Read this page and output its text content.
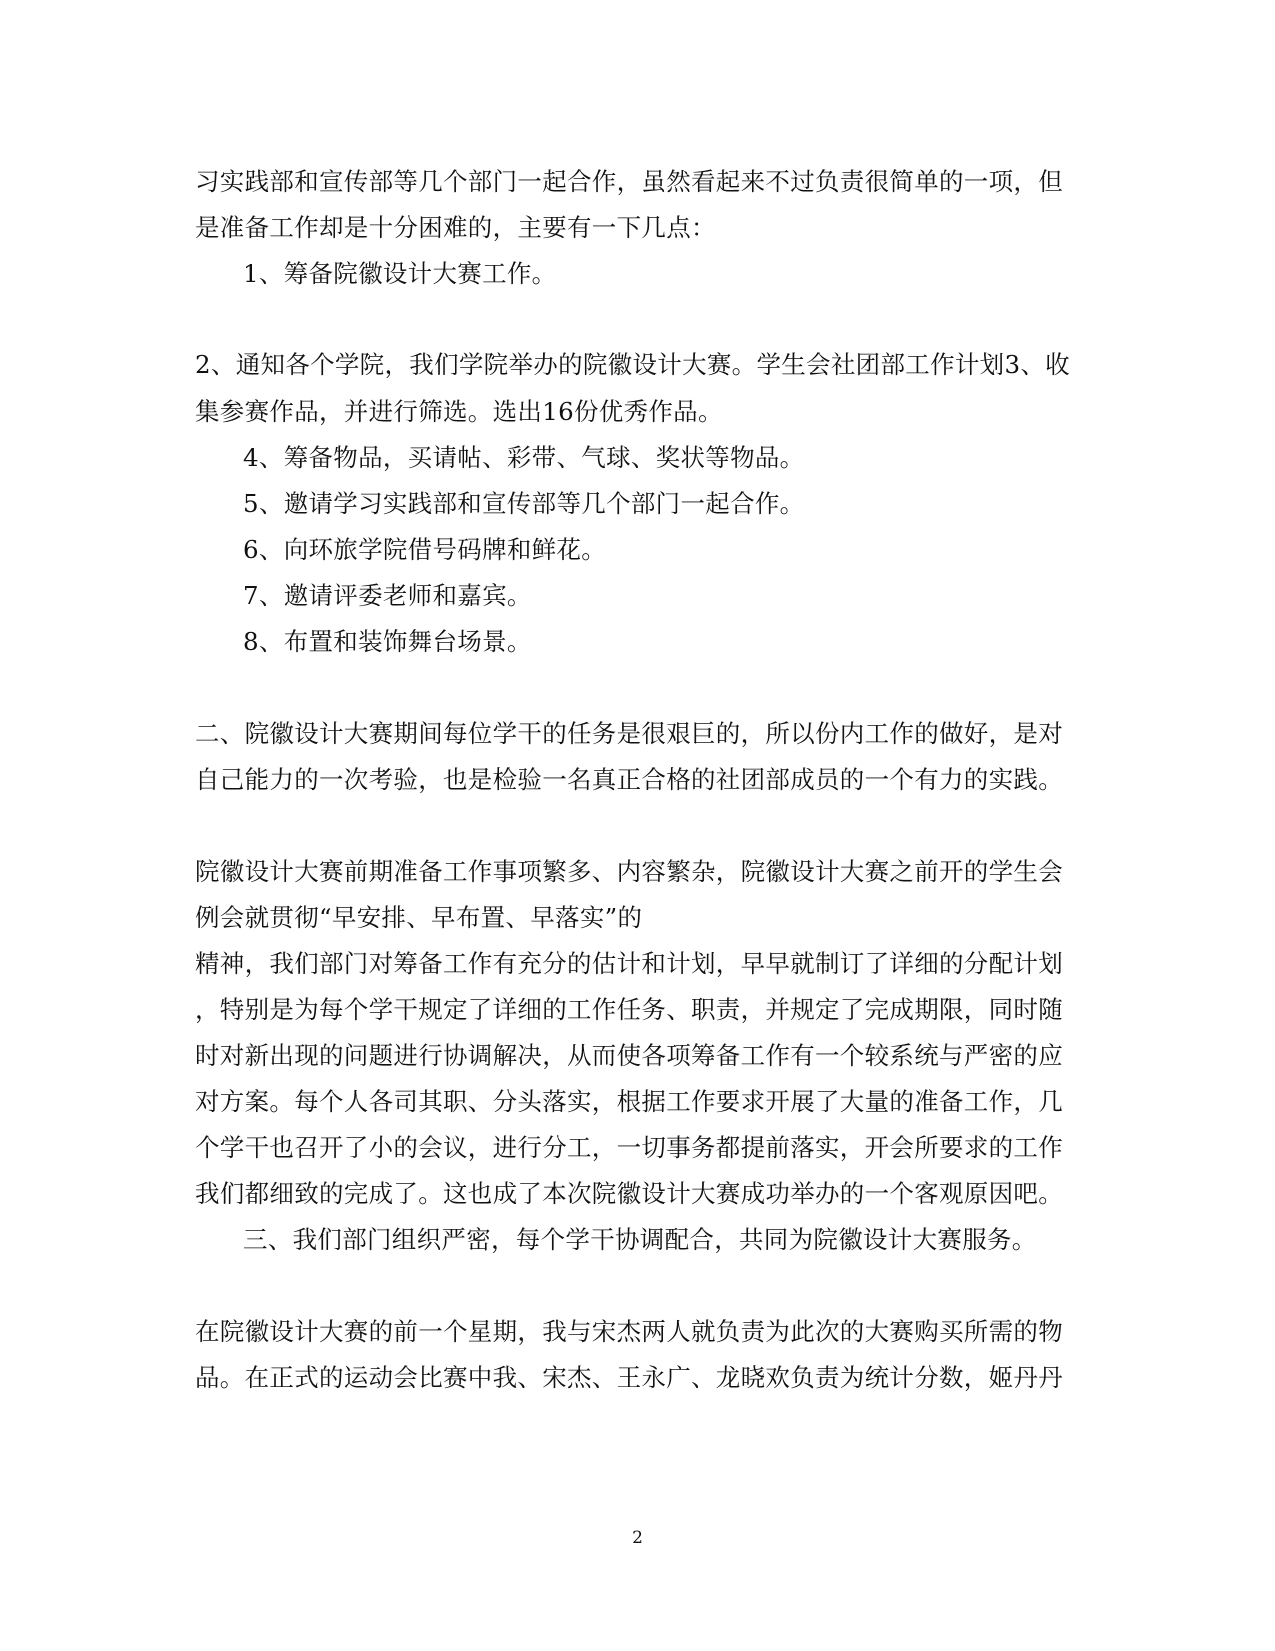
习实践部和宣传部等几个部门一起合作，虽然看起来不过负责很简单的一项，但
是准备工作却是十分困难的，主要有一下几点：
1、筹备院徽设计大赛工作。
2、通知各个学院，我们学院举办的院徽设计大赛。学生会社团部工作计划3、收
集参赛作品，并进行筛选。选出16份优秀作品。
4、筹备物品，买请帖、彩带、气球、奖状等物品。
5、邀请学习实践部和宣传部等几个部门一起合作。
6、向环旅学院借号码牌和鲜花。
7、邀请评委老师和嘉宾。
8、布置和装饰舞台场景。
二、院徽设计大赛期间每位学干的任务是很艰巨的，所以份内工作的做好，是对
自己能力的一次考验，也是检验一名真正合格的社团部成员的一个有力的实践。
院徽设计大赛前期准备工作事项繁多、内容繁杂，院徽设计大赛之前开的学生会
例会就贯彻“早安排、早布置、早落实”的
精神，我们部门对筹备工作有充分的估计和计划，早早就制订了详细的分配计划
，特别是为每个学干规定了详细的工作任务、职责，并规定了完成期限，同时随
时对新出现的问题进行协调解决，从而使各项筹备工作有一个较系统与严密的应
对方案。每个人各司其职、分头落实，根据工作要求开展了大量的准备工作，几
个学干也召开了小的会议，进行分工，一切事务都提前落实，开会所要求的工作
我们都细致的完成了。这也成了本次院徽设计大赛成功举办的一个客观原因吧。
三、我们部门组织严密，每个学干协调配合，共同为院徽设计大赛服务。
在院徽设计大赛的前一个星期，我与宋杰两人就负责为此次的大赛购买所需的物
品。在正式的运动会比赛中我、宋杰、王永广、龙晓欢负责为统计分数，姬丹丹
2
